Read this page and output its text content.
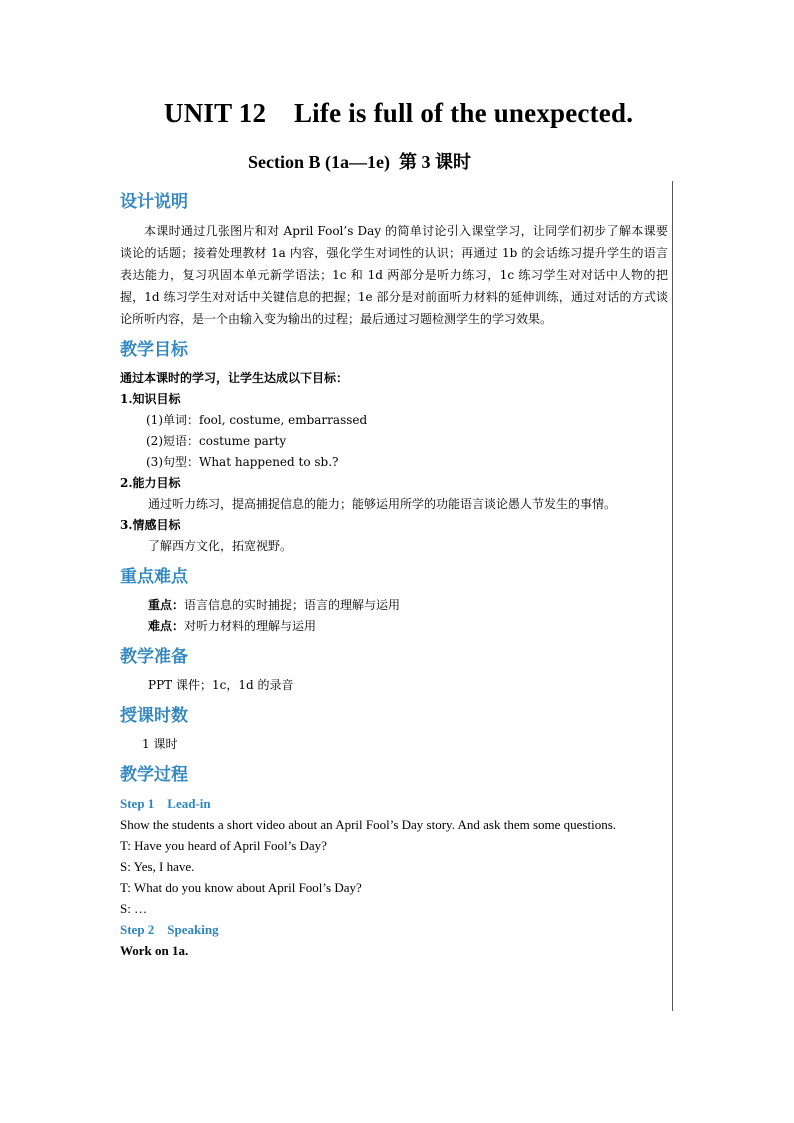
UNIT 12    Life is full of the unexpected.
Section B (1a—1e)  第 3 课时
设计说明

本课时通过几张图片和对 April Fool’s Day 的简单讨论引入课堂学习，让同学们初步了解本课要谈论的话题；接着处理教材 1a 内容，强化学生对词性的认识；再通过 1b 的会话练习提升学生的语言表达能力，复习巩固本单元新学语法；1c 和 1d 两部分是听力练习，1c 练习学生对对话中人物的把握，1d 练习学生对对话中关键信息的把握；1e 部分是对前面听力材料的延伸训练，通过对话的方式谈论所听内容，是一个由输入变为输出的过程；最后通过习题检测学生的学习效果。

教学目标

通过本课时的学习，让学生达成以下目标：

1.知识目标

(1)单词：fool, costume, embarrassed

(2)短语：costume party

(3)句型：What happened to sb.?

2.能力目标

通过听力练习，提高捕捉信息的能力；能够运用所学的功能语言谈论愚人节发生的事情。

3.情感目标

了解西方文化，拓宽视野。

重点难点

重点：语言信息的实时捕捉；语言的理解与运用

难点：对听力材料的理解与运用

教学准备

PPT 课件；1c，1d 的录音

授课时数

1 课时

教学过程

Step 1    Lead-in

Show the students a short video about an April Fool’s Day story. And ask them some questions.

T: Have you heard of April Fool’s Day?

S: Yes, I have.

T: What do you know about April Fool’s Day?

S: …

Step 2    Speaking

Work on 1a.
